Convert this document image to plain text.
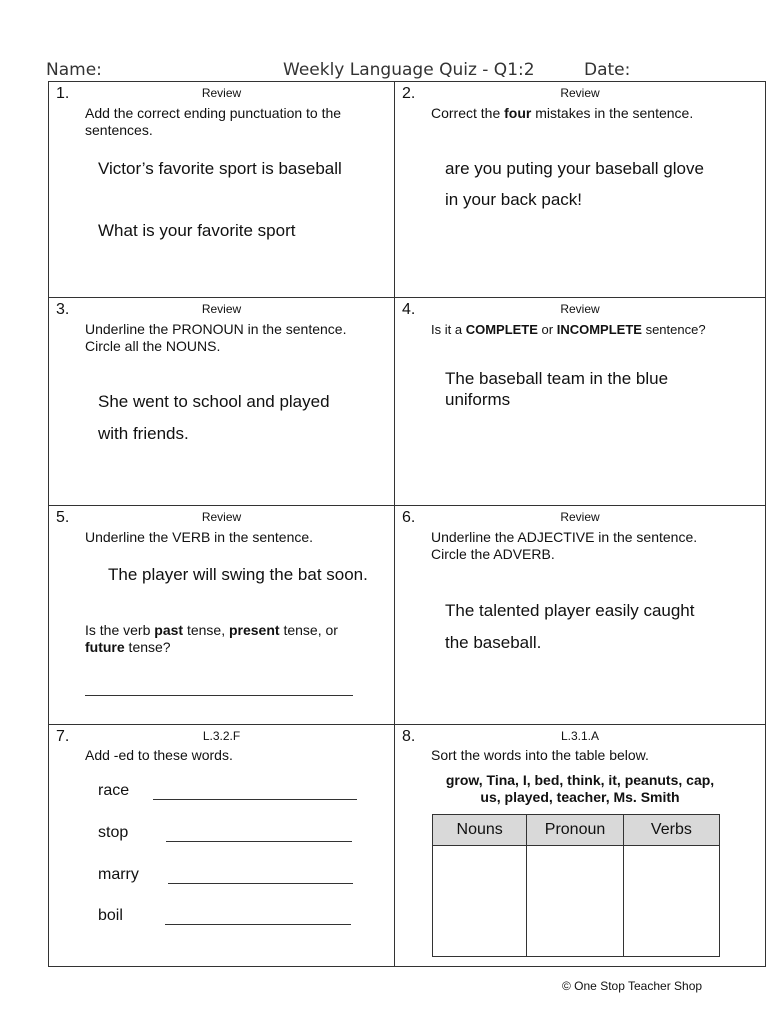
Name:	Weekly Language Quiz - Q1:2	Date:
1.	Review
Add the correct ending punctuation to the sentences.
Victor’s favorite sport is baseball
What is your favorite sport
2.	Review
Correct the four mistakes in the sentence.
are you puting your baseball glove
in your back pack!
3.	Review
Underline the PRONOUN in the sentence.
Circle all the NOUNS.
She went to school and played
with friends.
4.	Review
Is it a COMPLETE or INCOMPLETE sentence?
The baseball team in the blue
uniforms
5.	Review
Underline the VERB in the sentence.
The player will swing the bat soon.
Is the verb past tense, present tense, or
future tense?
6.	Review
Underline the ADJECTIVE in the sentence.
Circle the ADVERB.
The talented player easily caught
the baseball.
7.	L.3.2.F
Add -ed to these words.
race
stop
marry
boil
8.	L.3.1.A
Sort the words into the table below.
grow, Tina, I, bed, think, it, peanuts, cap,
us, played, teacher, Ms. Smith
Nouns	Pronoun	Verbs

© One Stop Teacher Shop
